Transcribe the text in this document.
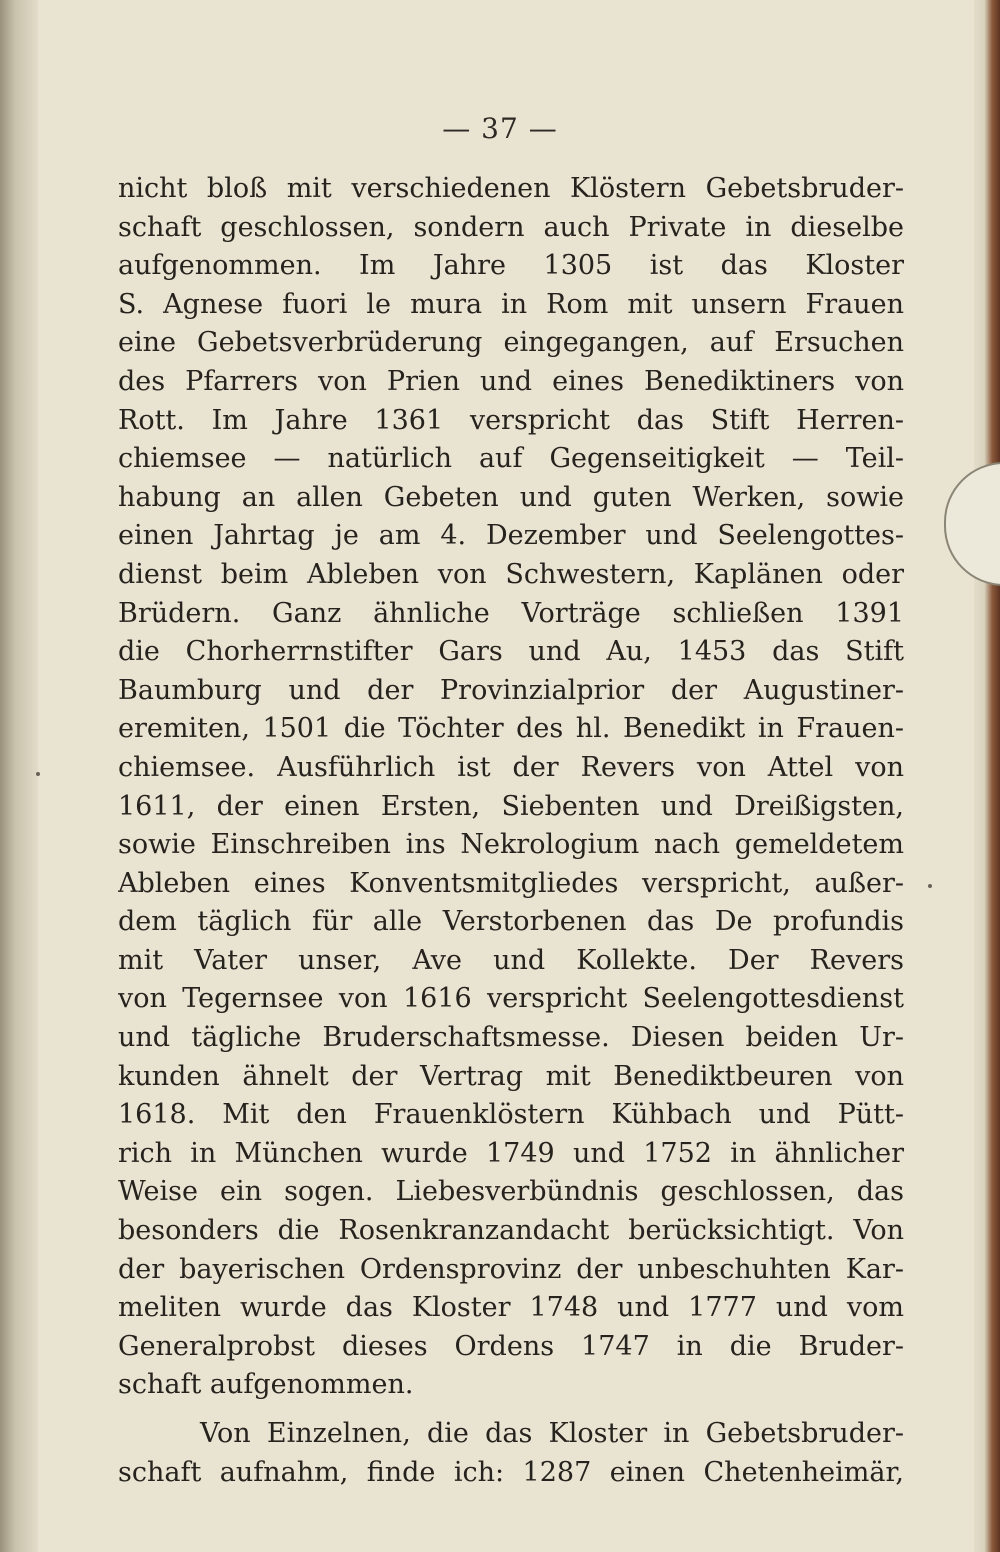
— 37 —
nicht bloß mit verschiedenen Klöstern Gebetsbruder-
schaft geschlossen, sondern auch Private in dieselbe
aufgenommen. Im Jahre 1305 ist das Kloster
S. Agnese fuori le mura in Rom mit unsern Frauen
eine Gebetsverbrüderung eingegangen, auf Ersuchen
des Pfarrers von Prien und eines Benediktiners von
Rott. Im Jahre 1361 verspricht das Stift Herren-
chiemsee — natürlich auf Gegenseitigkeit — Teil-
habung an allen Gebeten und guten Werken, sowie
einen Jahrtag je am 4. Dezember und Seelengottes-
dienst beim Ableben von Schwestern, Kaplänen oder
Brüdern. Ganz ähnliche Vorträge schließen 1391
die Chorherrnstifter Gars und Au, 1453 das Stift
Baumburg und der Provinzialprior der Augustiner-
eremiten, 1501 die Töchter des hl. Benedikt in Frauen-
chiemsee. Ausführlich ist der Revers von Attel von
1611, der einen Ersten, Siebenten und Dreißigsten,
sowie Einschreiben ins Nekrologium nach gemeldetem
Ableben eines Konventsmitgliedes verspricht, außer-
dem täglich für alle Verstorbenen das De profundis
mit Vater unser, Ave und Kollekte. Der Revers
von Tegernsee von 1616 verspricht Seelengottesdienst
und tägliche Bruderschaftsmesse. Diesen beiden Ur-
kunden ähnelt der Vertrag mit Benediktbeuren von
1618. Mit den Frauenklöstern Kühbach und Pütt-
rich in München wurde 1749 und 1752 in ähnlicher
Weise ein sogen. Liebesverbündnis geschlossen, das
besonders die Rosenkranzandacht berücksichtigt. Von
der bayerischen Ordensprovinz der unbeschuhten Kar-
meliten wurde das Kloster 1748 und 1777 und vom
Generalprobst dieses Ordens 1747 in die Bruder-
schaft aufgenommen.
Von Einzelnen, die das Kloster in Gebetsbruder-
schaft aufnahm, finde ich: 1287 einen Chetenheimär,
